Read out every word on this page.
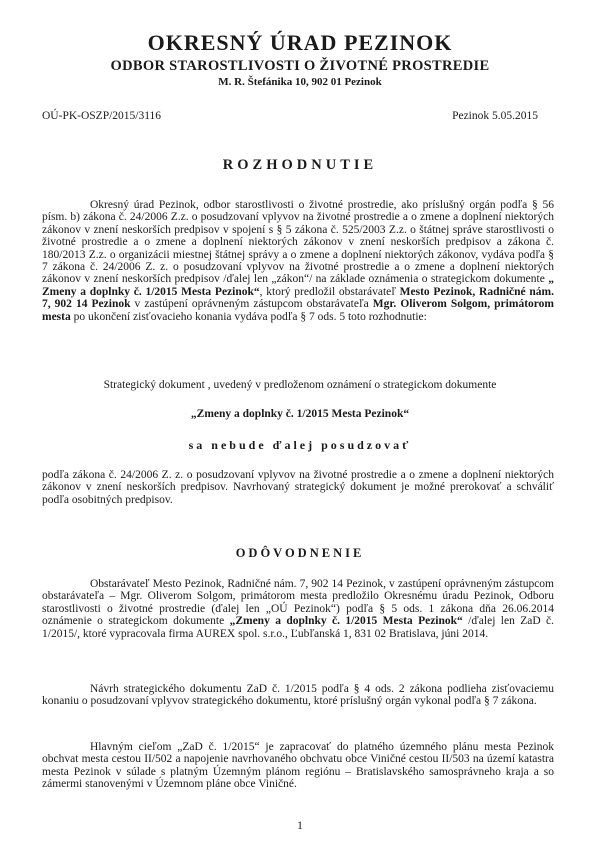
OKRESNÝ ÚRAD PEZINOK
ODBOR STAROSTLIVOSTI O ŽIVOTNÉ PROSTREDIE
M. R. Štefánika 10, 902 01 Pezinok
OÚ-PK-OSZP/2015/3116	Pezinok 5.05.2015
ROZHODNUTIE
Okresný úrad Pezinok, odbor starostlivosti o životné prostredie, ako príslušný orgán podľa § 56 písm. b) zákona č. 24/2006 Z.z. o posudzovaní vplyvov na životné prostredie a o zmene a doplnení niektorých zákonov v znení neskorších predpisov v spojení s § 5 zákona č. 525/2003 Z.z. o štátnej správe starostlivosti o životné prostredie a o zmene a doplnení niektorých zákonov v znení neskorších predpisov a zákona č. 180/2013 Z.z. o organizácii miestnej štátnej správy a o zmene a doplnení niektorých zákonov, vydáva podľa § 7 zákona č. 24/2006 Z. z. o posudzovaní vplyvov na životné prostredie a o zmene a doplnení niektorých zákonov v znení neskorších predpisov /ďalej len „zákon“/ na základe oznámenia o strategickom dokumente „ Zmeny a doplnky č. 1/2015 Mesta Pezinok“, ktorý predložil obstarávateľ Mesto Pezinok, Radničné nám. 7, 902 14 Pezinok v zastúpení oprávneným zástupcom obstarávateľa Mgr. Oliverom Solgom, primátorom mesta po ukončení zisťovacieho konania vydáva podľa § 7 ods. 5 toto rozhodnutie:
Strategický dokument , uvedený v predloženom oznámení o strategickom dokumente
„Zmeny a doplnky č. 1/2015 Mesta Pezinok“
sa nebude ďalej posudzovať
podľa zákona č. 24/2006 Z. z. o posudzovaní vplyvov na životné prostredie a o zmene a doplnení niektorých zákonov v znení neskorších predpisov. Navrhovaný strategický dokument je možné prerokovať a schváliť podľa osobitných predpisov.
ODÔVODNENIE
Obstarávateľ Mesto Pezinok, Radničné nám. 7, 902 14 Pezinok, v zastúpení oprávneným zástupcom obstarávateľa – Mgr. Oliverom Solgom, primátorom mesta predložilo Okresnému úradu Pezinok, Odboru starostlivosti o životné prostredie (ďalej len „OÚ Pezinok“) podľa § 5 ods. 1 zákona dňa 26.06.2014 oznámenie o strategickom dokumente „Zmeny a doplnky č. 1/2015 Mesta Pezinok“ /ďalej len ZaD č. 1/2015/, ktoré vypracovala firma AUREX spol. s.r.o., Ľubľanská 1, 831 02 Bratislava, júni 2014.
Návrh strategického dokumentu ZaD č. 1/2015 podľa § 4 ods. 2 zákona podlieha zisťovaciemu konaniu o posudzovaní vplyvov strategického dokumentu, ktoré príslušný orgán vykonal podľa § 7 zákona.
Hlavným cieľom „ZaD č. 1/2015“ je zapracovať do platného územného plánu mesta Pezinok obchvat mesta cestou II/502 a napojenie navrhovaného obchvatu obce Viničné cestou II/503 na území katastra mesta Pezinok v súlade s platným Územným plánom regiónu – Bratislavského samosprávneho kraja a so zámermi stanovenými v Územnom pláne obce Viničné.
1
